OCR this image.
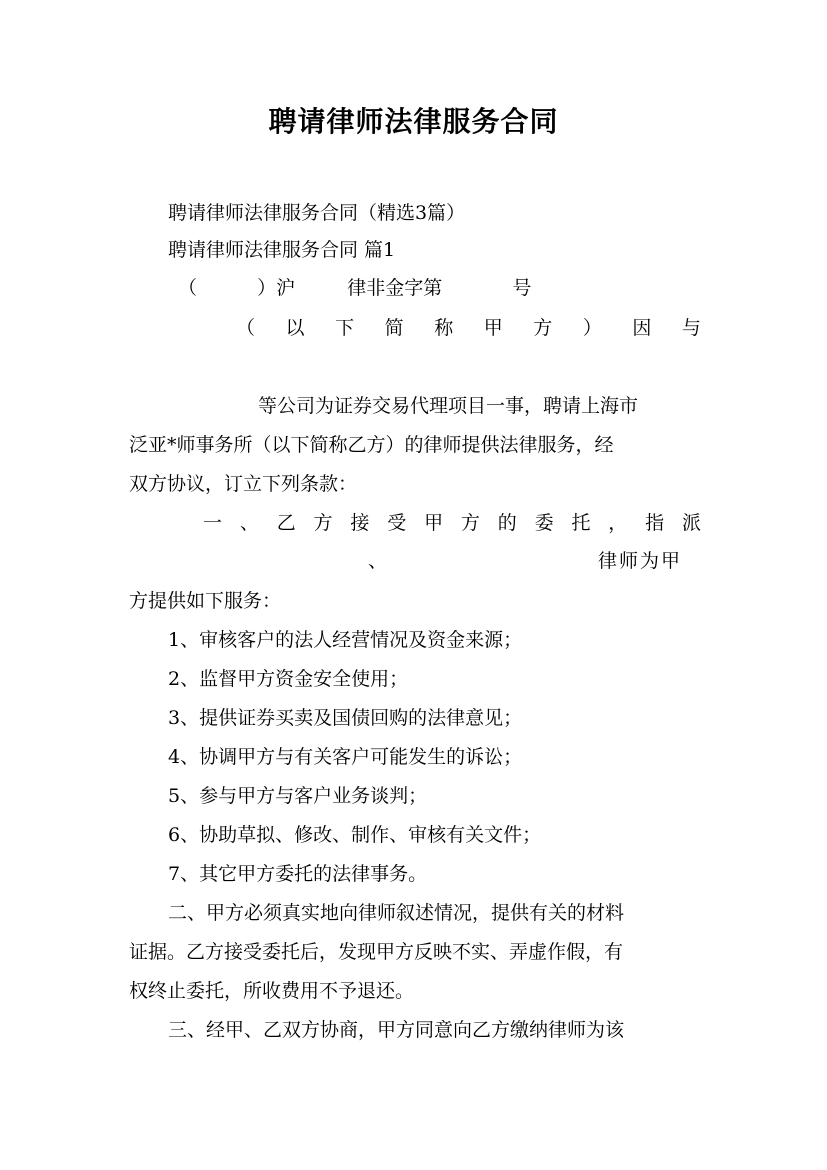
聘请律师法律服务合同

聘请律师法律服务合同（精选3篇）

聘请律师法律服务合同 篇1

（	）沪	律非金字第	号
（ 以 下 简 称 甲 方 ） 因 与

等公司为证券交易代理项目一事，聘请上海市

泛亚*师事务所（以下简称乙方）的律师提供法律服务，经

双方协议，订立下列条款：

一 、 乙 方 接 受 甲 方 的 委 托 ， 指 派
、	律师为甲

方提供如下服务：

1、审核客户的法人经营情况及资金来源；

2、监督甲方资金安全使用；

3、提供证券买卖及国债回购的法律意见；

4、协调甲方与有关客户可能发生的诉讼；

5、参与甲方与客户业务谈判；

6、协助草拟、修改、制作、审核有关文件；

7、其它甲方委托的法律事务。

二、甲方必须真实地向律师叙述情况，提供有关的材料

证据。乙方接受委托后，发现甲方反映不实、弄虚作假，有

权终止委托，所收费用不予退还。

三、经甲、乙双方协商，甲方同意向乙方缴纳律师为该
